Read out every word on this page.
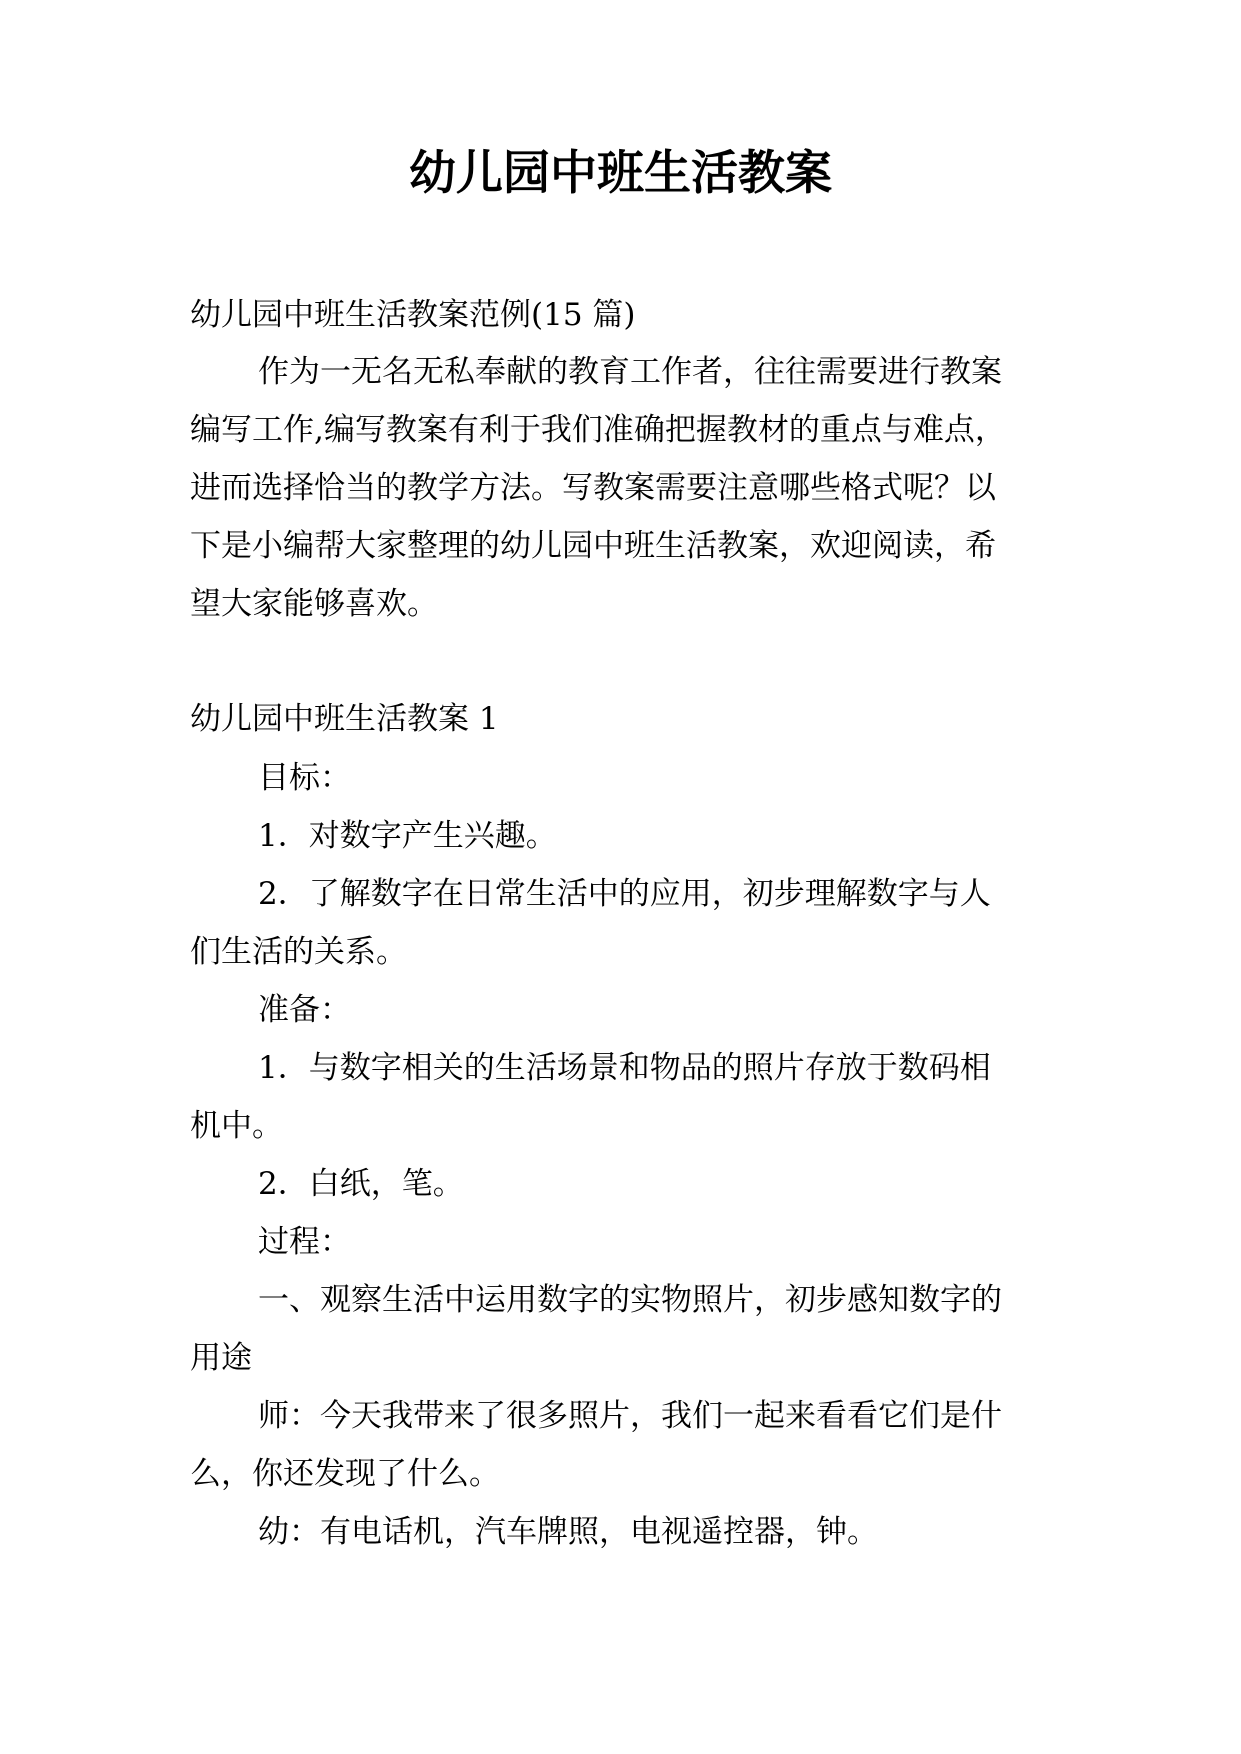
幼儿园中班生活教案

幼儿园中班生活教案范例(15 篇)

作为一无名无私奉献的教育工作者，往往需要进行教案

编写工作,编写教案有利于我们准确把握教材的重点与难点，

进而选择恰当的教学方法。写教案需要注意哪些格式呢？以

下是小编帮大家整理的幼儿园中班生活教案，欢迎阅读，希

望大家能够喜欢。

幼儿园中班生活教案 1

目标：

1．对数字产生兴趣。

2．了解数字在日常生活中的应用，初步理解数字与人

们生活的关系。

准备：

1．与数字相关的生活场景和物品的照片存放于数码相

机中。

2．白纸，笔。

过程：

一、观察生活中运用数字的实物照片，初步感知数字的

用途

师：今天我带来了很多照片，我们一起来看看它们是什

么，你还发现了什么。

幼：有电话机，汽车牌照，电视遥控器，钟。
